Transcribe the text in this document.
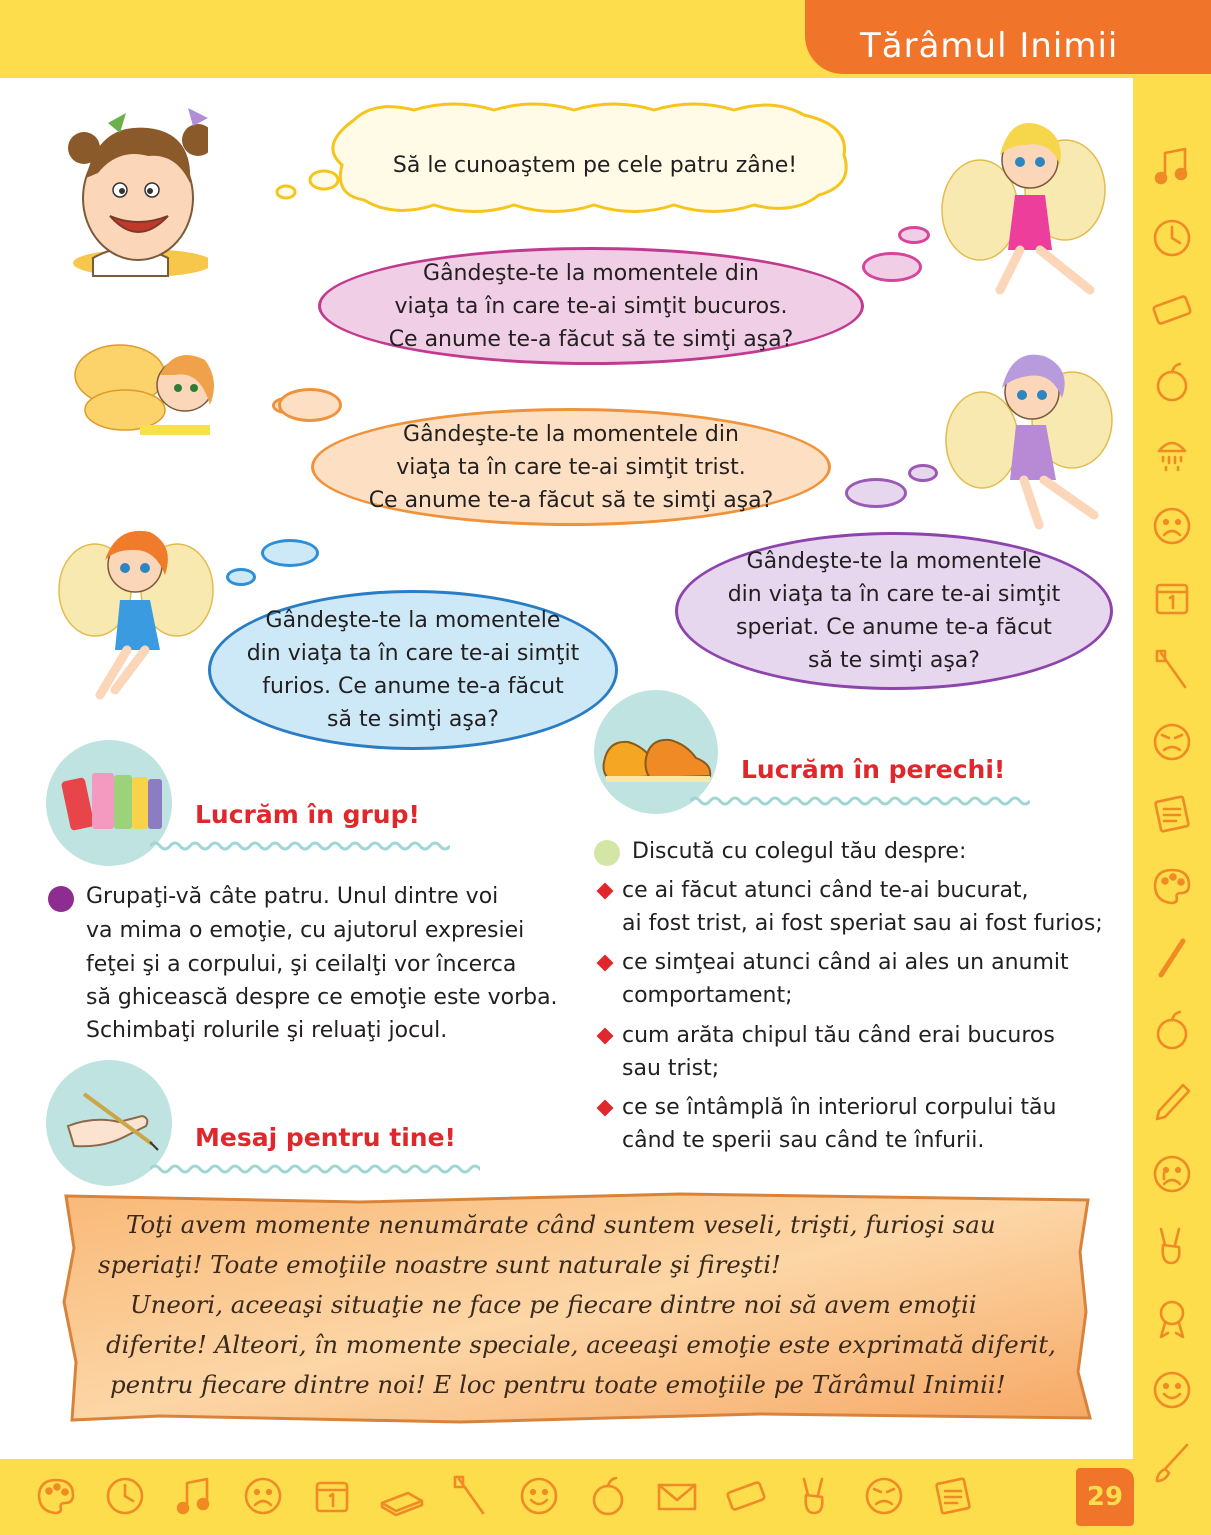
Tărâmul Inimii
29
Să le cunoaştem pe cele patru zâne!
Gândeşte-te la momentele din
viaţa ta în care te-ai simţit bucuros.
Ce anume te-a făcut să te simţi aşa?
Gândeşte-te la momentele din
viaţa ta în care te-ai simţit trist.
Ce anume te-a făcut să te simţi aşa?
Gândeşte-te la momentele
din viaţa ta în care te-ai simţit
speriat. Ce anume te-a făcut
să te simţi aşa?
Gândeşte-te la momentele
din viaţa ta în care te-ai simţit
furios. Ce anume te-a făcut
să te simţi aşa?
Lucrăm în grup!
Grupaţi-vă câte patru. Unul dintre voi
va mima o emoţie, cu ajutorul expresiei
feţei şi a corpului, şi ceilalţi vor încerca
să ghicească despre ce emoţie este vorba.
Schimbaţi rolurile şi reluaţi jocul.
Lucrăm în perechi!
Discută cu colegul tău despre:
ce ai făcut atunci când te-ai bucurat,
ai fost trist, ai fost speriat sau ai fost furios;
ce simţeai atunci când ai ales un anumit
comportament;
cum arăta chipul tău când erai bucuros
sau trist;
ce se întâmplă în interiorul corpului tău
când te sperii sau când te înfurii.
Mesaj pentru tine!
Toţi avem momente nenumărate când suntem veseli, trişti, furioşi sau
speriaţi! Toate emoţiile noastre sunt naturale şi fireşti!
Uneori, aceeaşi situaţie ne face pe fiecare dintre noi să avem emoţii
diferite! Alteori, în momente speciale, aceeaşi emoţie este exprimată diferit,
pentru fiecare dintre noi! E loc pentru toate emoţiile pe Tărâmul Inimii!
